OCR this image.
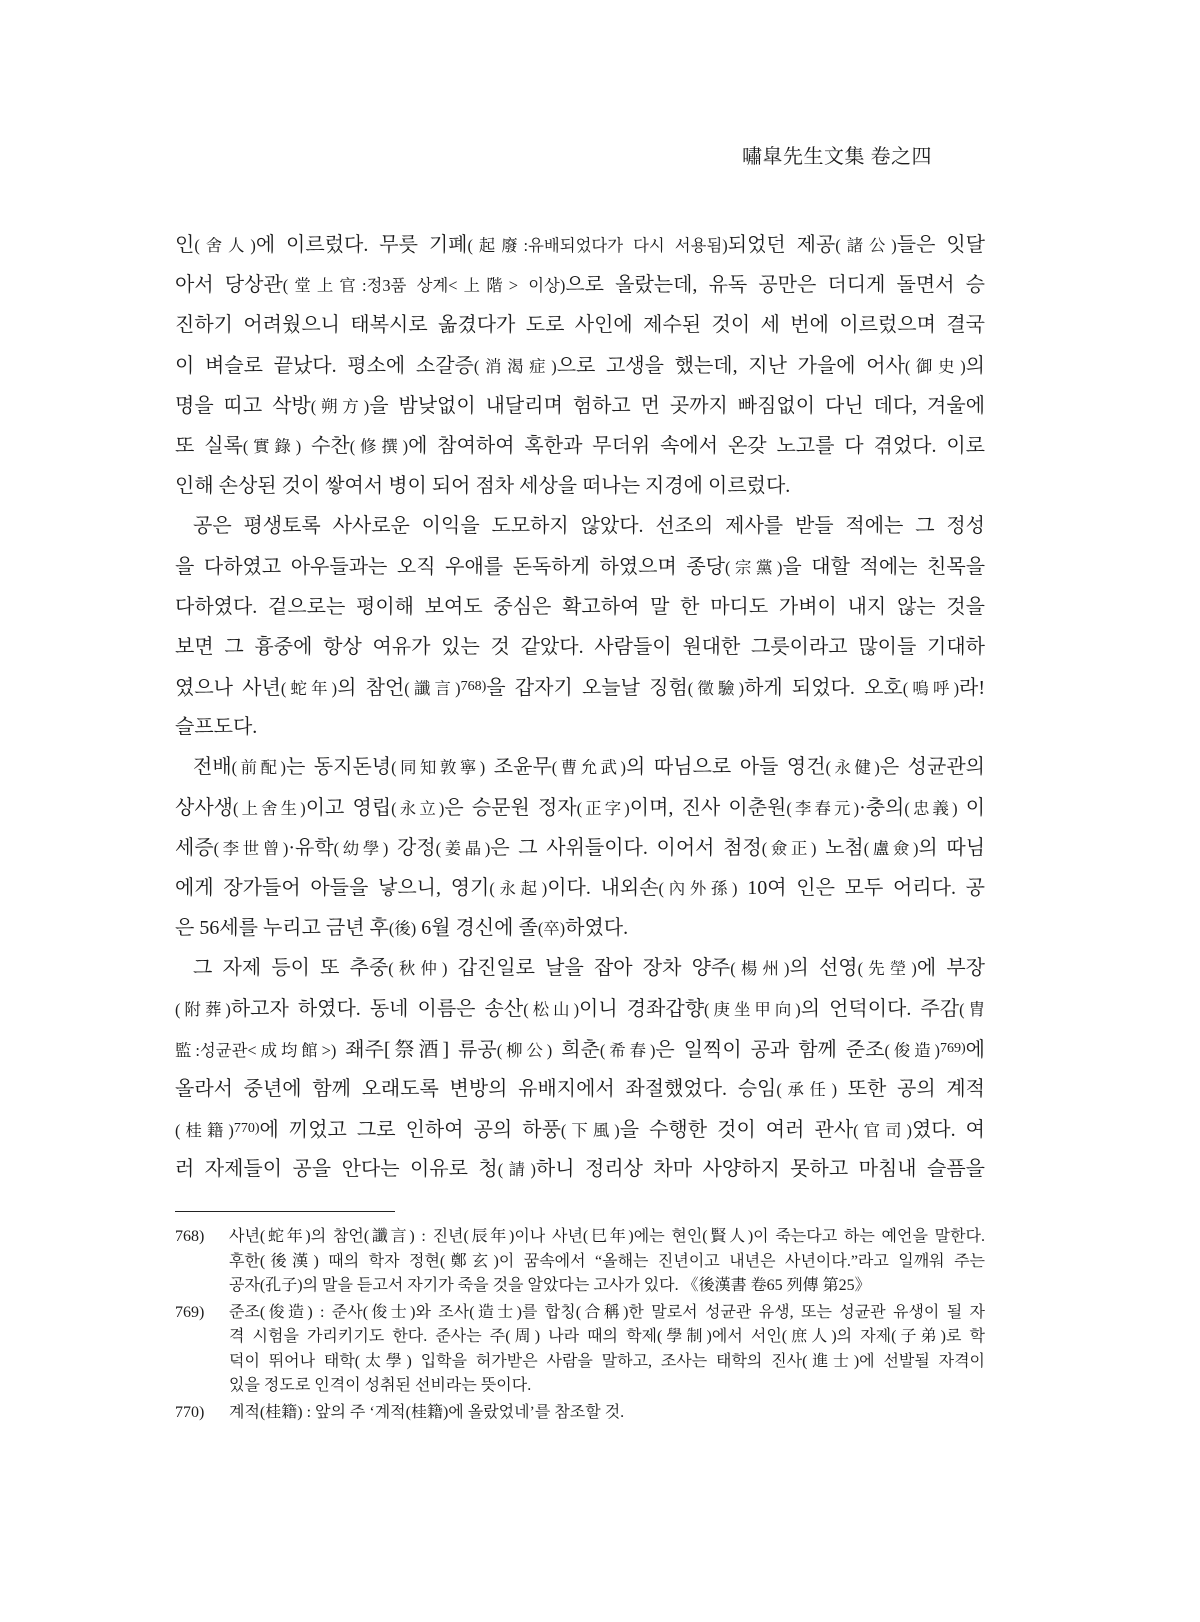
嘯皐先生文集 卷之四
인(舍人)에 이르렀다. 무릇 기폐(起廢:유배되었다가 다시 서용됨)되었던 제공(諸公)들은 잇달
아서 당상관(堂上官:정3품 상계<上階> 이상)으로 올랐는데, 유독 공만은 더디게 돌면서 승
진하기 어려웠으니 태복시로 옮겼다가 도로 사인에 제수된 것이 세 번에 이르렀으며 결국
이 벼슬로 끝났다. 평소에 소갈증(消渴症)으로 고생을 했는데, 지난 가을에 어사(御史)의
명을 띠고 삭방(朔方)을 밤낮없이 내달리며 험하고 먼 곳까지 빠짐없이 다닌 데다, 겨울에
또 실록(實錄) 수찬(修撰)에 참여하여 혹한과 무더위 속에서 온갖 노고를 다 겪었다. 이로
인해 손상된 것이 쌓여서 병이 되어 점차 세상을 떠나는 지경에 이르렀다.
공은 평생토록 사사로운 이익을 도모하지 않았다. 선조의 제사를 받들 적에는 그 정성
을 다하였고 아우들과는 오직 우애를 돈독하게 하였으며 종당(宗黨)을 대할 적에는 친목을
다하였다. 겉으로는 평이해 보여도 중심은 확고하여 말 한 마디도 가벼이 내지 않는 것을
보면 그 흉중에 항상 여유가 있는 것 같았다. 사람들이 원대한 그릇이라고 많이들 기대하
였으나 사년(蛇年)의 참언(讖言)$^{768)}$을 갑자기 오늘날 징험(徵驗)하게 되었다. 오호(嗚呼)라!
슬프도다.
전배(前配)는 동지돈녕(同知敦寧) 조윤무(曹允武)의 따님으로 아들 영건(永健)은 성균관의
상사생(上舍生)이고 영립(永立)은 승문원 정자(正字)이며, 진사 이춘원(李春元)·충의(忠義) 이
세증(李世曾)·유학(幼學) 강정(姜晶)은 그 사위들이다. 이어서 첨정(僉正) 노첨(盧僉)의 따님
에게 장가들어 아들을 낳으니, 영기(永起)이다. 내외손(內外孫) 10여 인은 모두 어리다. 공
은 56세를 누리고 금년 후(後) 6월 경신에 졸(卒)하였다.
그 자제 등이 또 추중(秋仲) 갑진일로 날을 잡아 장차 양주(楊州)의 선영(先塋)에 부장
(附葬)하고자 하였다. 동네 이름은 송산(松山)이니 경좌갑향(庚坐甲向)의 언덕이다. 주감(胄
監:성균관<成均館>) 좨주[祭酒] 류공(柳公) 희춘(希春)은 일찍이 공과 함께 준조(俊造)$^{769)}$에
올라서 중년에 함께 오래도록 변방의 유배지에서 좌절했었다. 승임(承任) 또한 공의 계적
(桂籍)$^{770)}$에 끼었고 그로 인하여 공의 하풍(下風)을 수행한 것이 여러 관사(官司)였다. 여
러 자제들이 공을 안다는 이유로 청(請)하니 정리상 차마 사양하지 못하고 마침내 슬픔을
768) 사년(蛇年)의 참언(讖言) : 진년(辰年)이나 사년(巳年)에는 현인(賢人)이 죽는다고 하는 예언을 말한다.
후한(後漢) 때의 학자 정현(鄭玄)이 꿈속에서 “올해는 진년이고 내년은 사년이다.”라고 일깨워 주는
공자(孔子)의 말을 듣고서 자기가 죽을 것을 알았다는 고사가 있다. 《後漢書 卷65 列傳 第25》
769) 준조(俊造) : 준사(俊士)와 조사(造士)를 합칭(合稱)한 말로서 성균관 유생, 또는 성균관 유생이 될 자
격 시험을 가리키기도 한다. 준사는 주(周) 나라 때의 학제(學制)에서 서인(庶人)의 자제(子弟)로 학
덕이 뛰어나 태학(太學) 입학을 허가받은 사람을 말하고, 조사는 태학의 진사(進士)에 선발될 자격이
있을 정도로 인격이 성취된 선비라는 뜻이다.
770) 계적(桂籍) : 앞의 주 ‘계적(桂籍)에 올랐었네’를 참조할 것.
